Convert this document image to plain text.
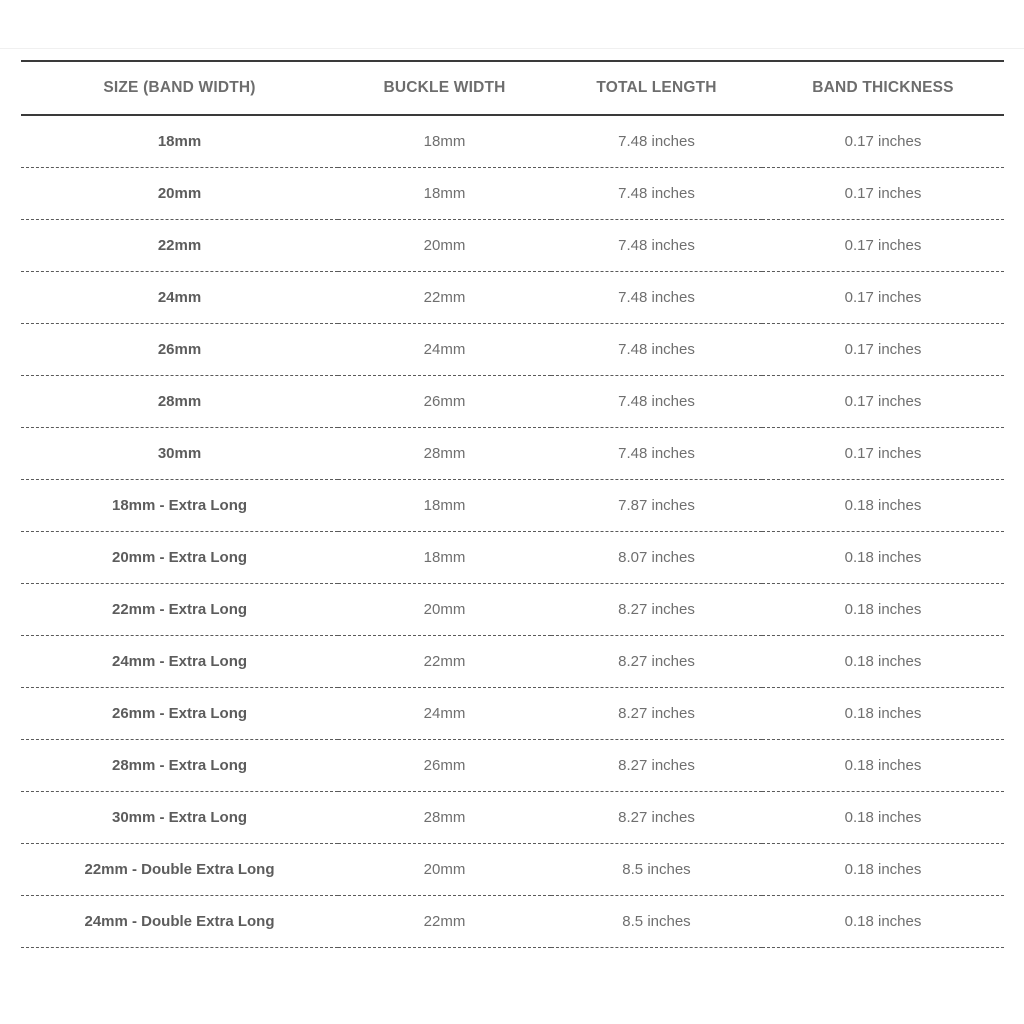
SIZE (BAND WIDTH)	BUCKLE WIDTH	TOTAL LENGTH	BAND THICKNESS
18mm	18mm	7.48 inches	0.17 inches
20mm	18mm	7.48 inches	0.17 inches
22mm	20mm	7.48 inches	0.17 inches
24mm	22mm	7.48 inches	0.17 inches
26mm	24mm	7.48 inches	0.17 inches
28mm	26mm	7.48 inches	0.17 inches
30mm	28mm	7.48 inches	0.17 inches
18mm - Extra Long	18mm	7.87 inches	0.18 inches
20mm - Extra Long	18mm	8.07 inches	0.18 inches
22mm - Extra Long	20mm	8.27 inches	0.18 inches
24mm - Extra Long	22mm	8.27 inches	0.18 inches
26mm - Extra Long	24mm	8.27 inches	0.18 inches
28mm - Extra Long	26mm	8.27 inches	0.18 inches
30mm - Extra Long	28mm	8.27 inches	0.18 inches
22mm - Double Extra Long	20mm	8.5 inches	0.18 inches
24mm - Double Extra Long	22mm	8.5 inches	0.18 inches
